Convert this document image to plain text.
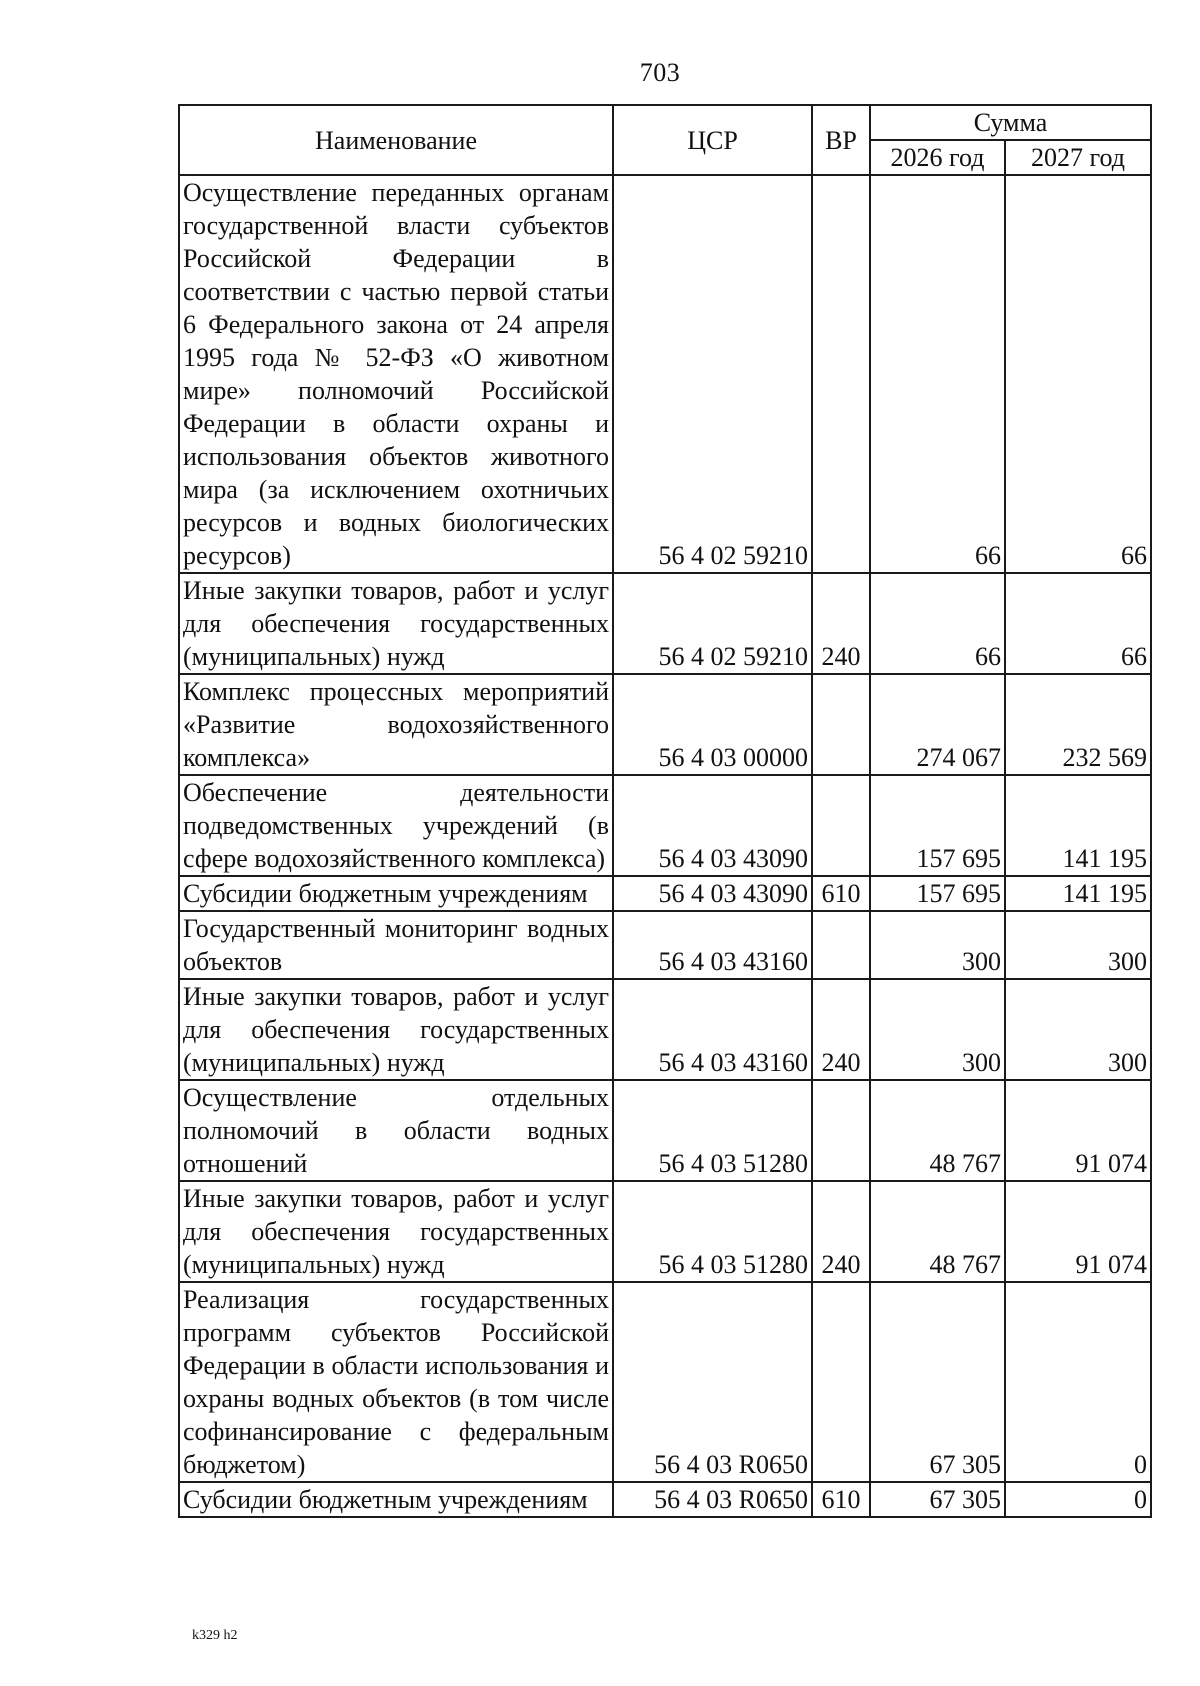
703
Наименование	ЦСР	ВР	Сумма	
			2026 год	2027 год
Осуществление переданных органам государственной власти субъектов Российской Федерации в соответствии с частью первой статьи 6 Федерального закона от 24 апреля 1995 года № 52-ФЗ «О животном мире» полномочий Российской Федерации в области охраны и использования объектов животного мира (за исключением охотничьих ресурсов и водных биологических ресурсов)	56 4 02 59210		66	66
Иные закупки товаров, работ и услуг для обеспечения государственных (муниципальных) нужд	56 4 02 59210	240	66	66
Комплекс процессных мероприятий «Развитие водохозяйственного комплекса»	56 4 03 00000		274 067	232 569
Обеспечение деятельности подведомственных учреждений (в сфере водохозяйственного комплекса)	56 4 03 43090		157 695	141 195
Субсидии бюджетным учреждениям	56 4 03 43090	610	157 695	141 195
Государственный мониторинг водных объектов	56 4 03 43160		300	300
Иные закупки товаров, работ и услуг для обеспечения государственных (муниципальных) нужд	56 4 03 43160	240	300	300
Осуществление отдельных полномочий в области водных отношений	56 4 03 51280		48 767	91 074
Иные закупки товаров, работ и услуг для обеспечения государственных (муниципальных) нужд	56 4 03 51280	240	48 767	91 074
Реализация государственных программ субъектов Российской Федерации в области использования и охраны водных объектов (в том числе софинансирование с федеральным бюджетом)	56 4 03 R0650		67 305	0
Субсидии бюджетным учреждениям	56 4 03 R0650	610	67 305	0
k329 h2
